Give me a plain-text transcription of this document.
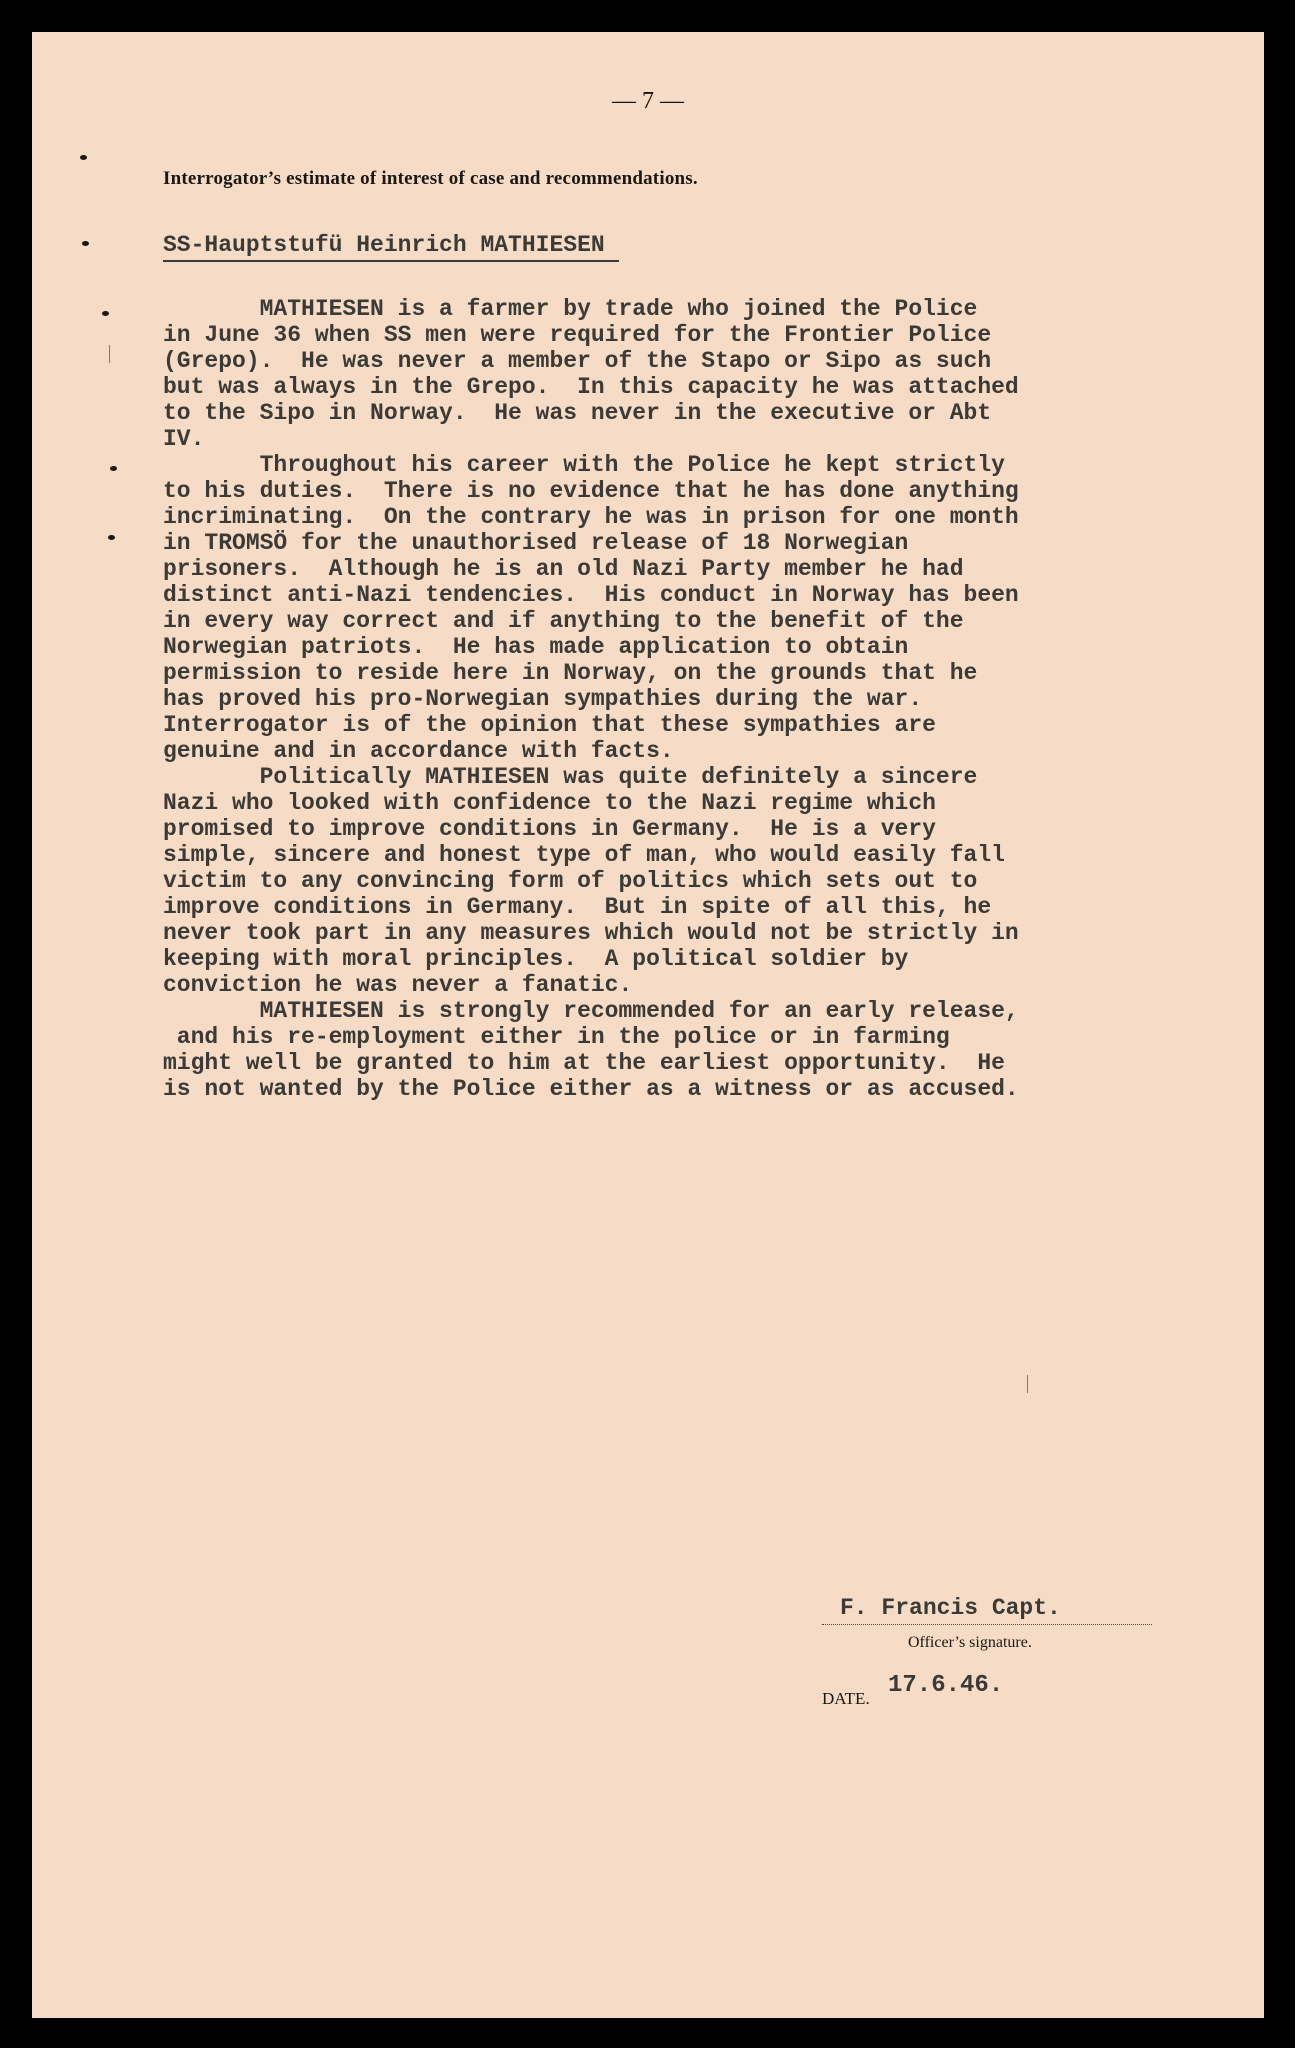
— 7 —
Interrogator’s estimate of interest of case and recommendations.
SS-Hauptstufü Heinrich MATHIESEN
MATHIESEN is a farmer by trade who joined the Police
in June 36 when SS men were required for the Frontier Police
(Grepo).  He was never a member of the Stapo or Sipo as such
but was always in the Grepo.  In this capacity he was attached
to the Sipo in Norway.  He was never in the executive or Abt
IV.
Throughout his career with the Police he kept strictly
to his duties.  There is no evidence that he has done anything
incriminating.  On the contrary he was in prison for one month
in TROMSÖ for the unauthorised release of 18 Norwegian
prisoners.  Although he is an old Nazi Party member he had
distinct anti-Nazi tendencies.  His conduct in Norway has been
in every way correct and if anything to the benefit of the
Norwegian patriots.  He has made application to obtain
permission to reside here in Norway, on the grounds that he
has proved his pro-Norwegian sympathies during the war.
Interrogator is of the opinion that these sympathies are
genuine and in accordance with facts.
Politically MATHIESEN was quite definitely a sincere
Nazi who looked with confidence to the Nazi regime which
promised to improve conditions in Germany.  He is a very
simple, sincere and honest type of man, who would easily fall
victim to any convincing form of politics which sets out to
improve conditions in Germany.  But in spite of all this, he
never took part in any measures which would not be strictly in
keeping with moral principles.  A political soldier by
conviction he was never a fanatic.
MATHIESEN is strongly recommended for an early release,
and his re-employment either in the police or in farming
might well be granted to him at the earliest opportunity.  He
is not wanted by the Police either as a witness or as accused.
F. Francis Capt.
Officer’s signature.
DATE. 17.6.46.
